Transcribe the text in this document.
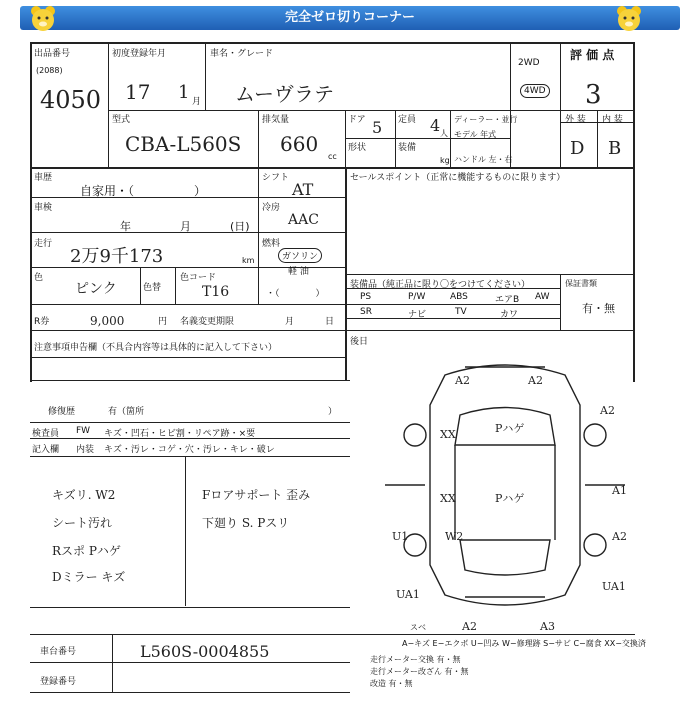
完全ゼロ切りコーナー
出品番号
(2088)
4050
初度登録年月
17 1 月
車名・グレード
ムーヴラテ
2WD
4WD
評 価 点
3
型式
CBA-L560S
排気量
660
cc
ドア 5 定員 4 人
形状	装備
kg
ディーラー・並行
モデル 年式
ハンドル 左・右
外 装 内 装
D B
車歴
自家用・（　　　　　）
シフト
AT
セールスポイント（正常に機能するものに限ります）
車検
年	月	(日)
冷房
AAC
走行
2万9千173	km
燃料
ガソリン
軽 油
・（　　　　）
色
ピンク	色替
色コード
T16	装備品（純正品に限り〇をつけてください）	保証書類
有・無
PS	P/W	ABS	エアB AW
SR	ナビ	TV	カワ
R券	9,000	円 名義変更期限	月	日
後日
注意事項申告欄（不具合内容等は具体的に記入して下さい）
修復歴	有（箇所	）
検査員
記入欄
FW キズ・凹石・ヒビ割・リペア跡・×要
内装 キズ・汚レ・コゲ・穴・汚レ・キレ・破レ
キズリ. W2
シート汚れ
Rスポ Pハゲ
Dミラー キズ
Fロアサポート 歪み
下廻り S. Pスリ
車台番号	L560S-0004855
登録番号
A−キズ E−エクボ U−凹み W−修理跡 S−サビ C−腐食 XX−交換済
走行メーター交換 有・無
走行メーター改ざん 有・無
改造 有・無
A2	A2
A2
XX	Pハゲ
XX	Pハゲ
A1
U1	W2	A2
UA1
UA1
A2	A3
スベ
